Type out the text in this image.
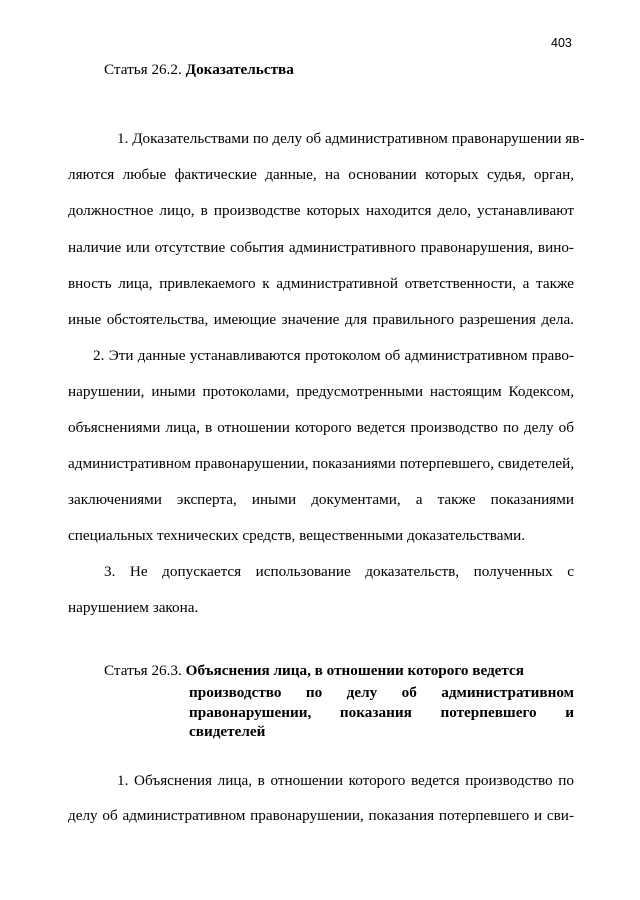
403
Статья 26.2. Доказательства
1. Доказательствами по делу об административном правонарушении яв-
ляются любые фактические данные, на основании которых судья, орган,
должностное лицо, в производстве которых находится дело, устанавливают
наличие или отсутствие события административного правонарушения, вино-
вность лица, привлекаемого к административной ответственности, а также
иные обстоятельства, имеющие значение для правильного разрешения дела.
2. Эти данные устанавливаются протоколом об административном право-
нарушении, иными протоколами, предусмотренными настоящим Кодексом,
объяснениями лица, в отношении которого ведется производство по делу об
административном правонарушении, показаниями потерпевшего, свидетелей,
заключениями эксперта, иными документами, а также показаниями
специальных технических средств, вещественными доказательствами.
3. Не допускается использование доказательств, полученных с
нарушением закона.
Статья 26.3. Объяснения лица, в отношении которого ведется
производство по делу об административном
правонарушении, показания потерпевшего и
свидетелей
1. Объяснения лица, в отношении которого ведется производство по
делу об административном правонарушении, показания потерпевшего и сви-
